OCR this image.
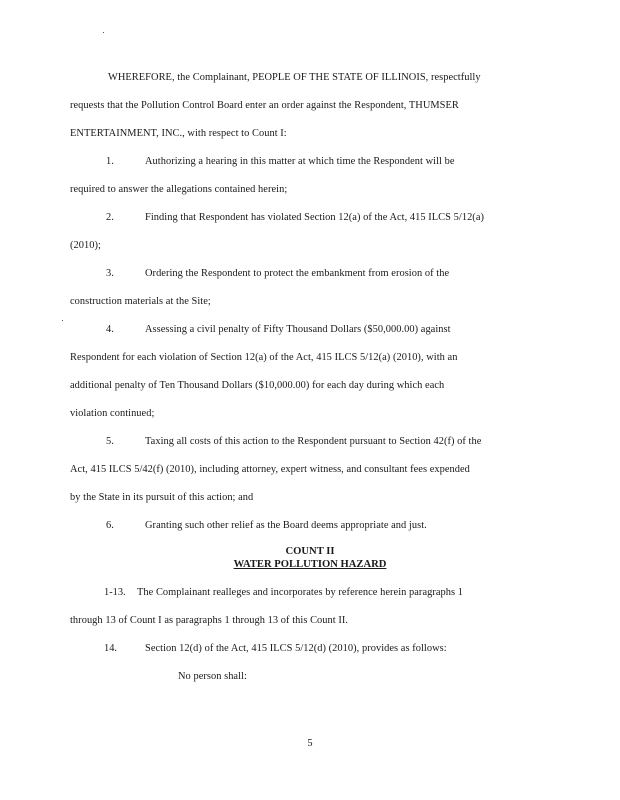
WHEREFORE, the Complainant, PEOPLE OF THE STATE OF ILLINOIS, respectfully
requests that the Pollution Control Board enter an order against the Respondent, THUMSER
ENTERTAINMENT, INC., with respect to Count I:
1.	Authorizing a hearing in this matter at which time the Respondent will be
required to answer the allegations contained herein;
2.	Finding that Respondent has violated Section 12(a) of the Act, 415 ILCS 5/12(a)
(2010);
3.	Ordering the Respondent to protect the embankment from erosion of the
construction materials at the Site;
4.	Assessing a civil penalty of Fifty Thousand Dollars ($50,000.00) against
Respondent for each violation of Section 12(a) of the Act, 415 ILCS 5/12(a) (2010), with an
additional penalty of Ten Thousand Dollars ($10,000.00) for each day during which each
violation continued;
5.	Taxing all costs of this action to the Respondent pursuant to Section 42(f) of the
Act, 415 ILCS 5/42(f) (2010), including attorney, expert witness, and consultant fees expended
by the State in its pursuit of this action; and
6.	Granting such other relief as the Board deems appropriate and just.
COUNT II
WATER POLLUTION HAZARD
1-13. The Complainant realleges and incorporates by reference herein paragraphs 1
through 13 of Count I as paragraphs 1 through 13 of this Count II.
14.	Section 12(d) of the Act, 415 ILCS 5/12(d) (2010), provides as follows:
No person shall:
5
